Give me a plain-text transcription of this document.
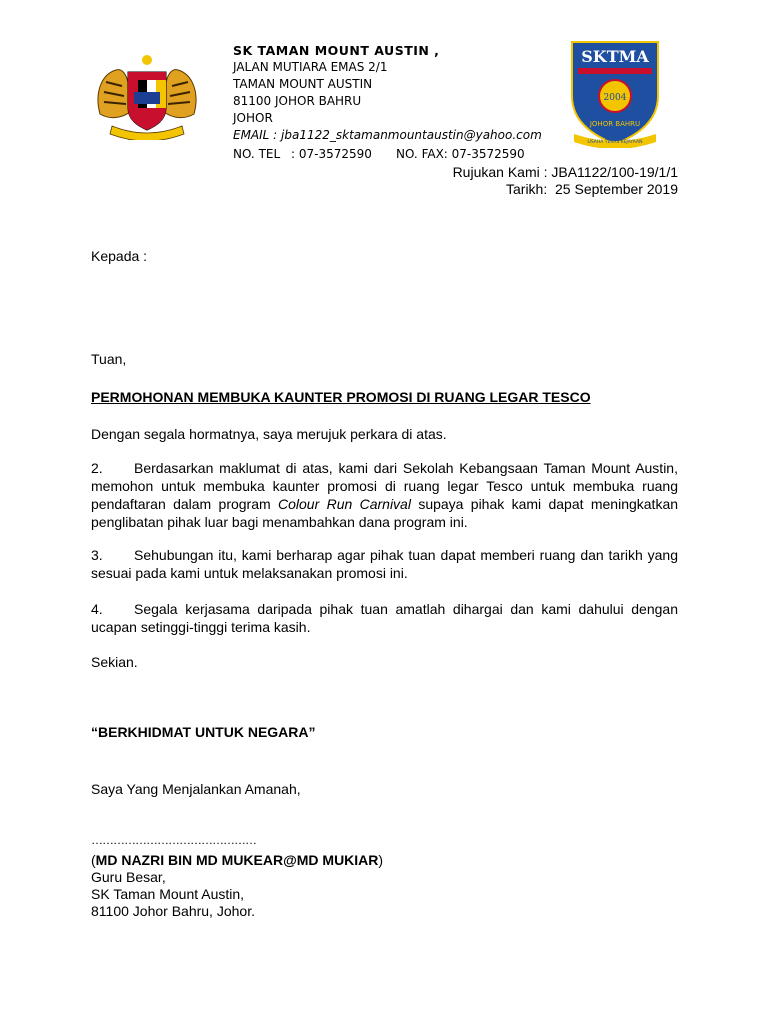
SKTMA
2004
JOHOR BAHRU
USAHA TERAS KEJAYAAN
SK TAMAN MOUNT AUSTIN ,
JALAN MUTIARA EMAS 2/1
TAMAN MOUNT AUSTIN
81100 JOHOR BAHRU
JOHOR
EMAIL : jba1122_sktamanmountaustin@yahoo.com
NO. TEL : 07-3572590 NO. FAX: 07-3572590
Rujukan Kami : JBA1122/100-19/1/1
Tarikh: 25 September 2019
Kepada :
Tuan,
PERMOHONAN MEMBUKA KAUNTER PROMOSI DI RUANG LEGAR TESCO
Dengan segala hormatnya, saya merujuk perkara di atas.
2. Berdasarkan maklumat di atas, kami dari Sekolah Kebangsaan Taman Mount Austin, memohon untuk membuka kaunter promosi di ruang legar Tesco untuk membuka ruang pendaftaran dalam program Colour Run Carnival supaya pihak kami dapat meningkatkan penglibatan pihak luar bagi menambahkan dana program ini.
3. Sehubungan itu, kami berharap agar pihak tuan dapat memberi ruang dan tarikh yang sesuai pada kami untuk melaksanakan promosi ini.
4. Segala kerjasama daripada pihak tuan amatlah dihargai dan kami dahului dengan ucapan setinggi-tinggi terima kasih.
Sekian.
“BERKHIDMAT UNTUK NEGARA”
Saya Yang Menjalankan Amanah,
………………………………………
(MD NAZRI BIN MD MUKEAR@MD MUKIAR)
Guru Besar,
SK Taman Mount Austin,
81100 Johor Bahru, Johor.
